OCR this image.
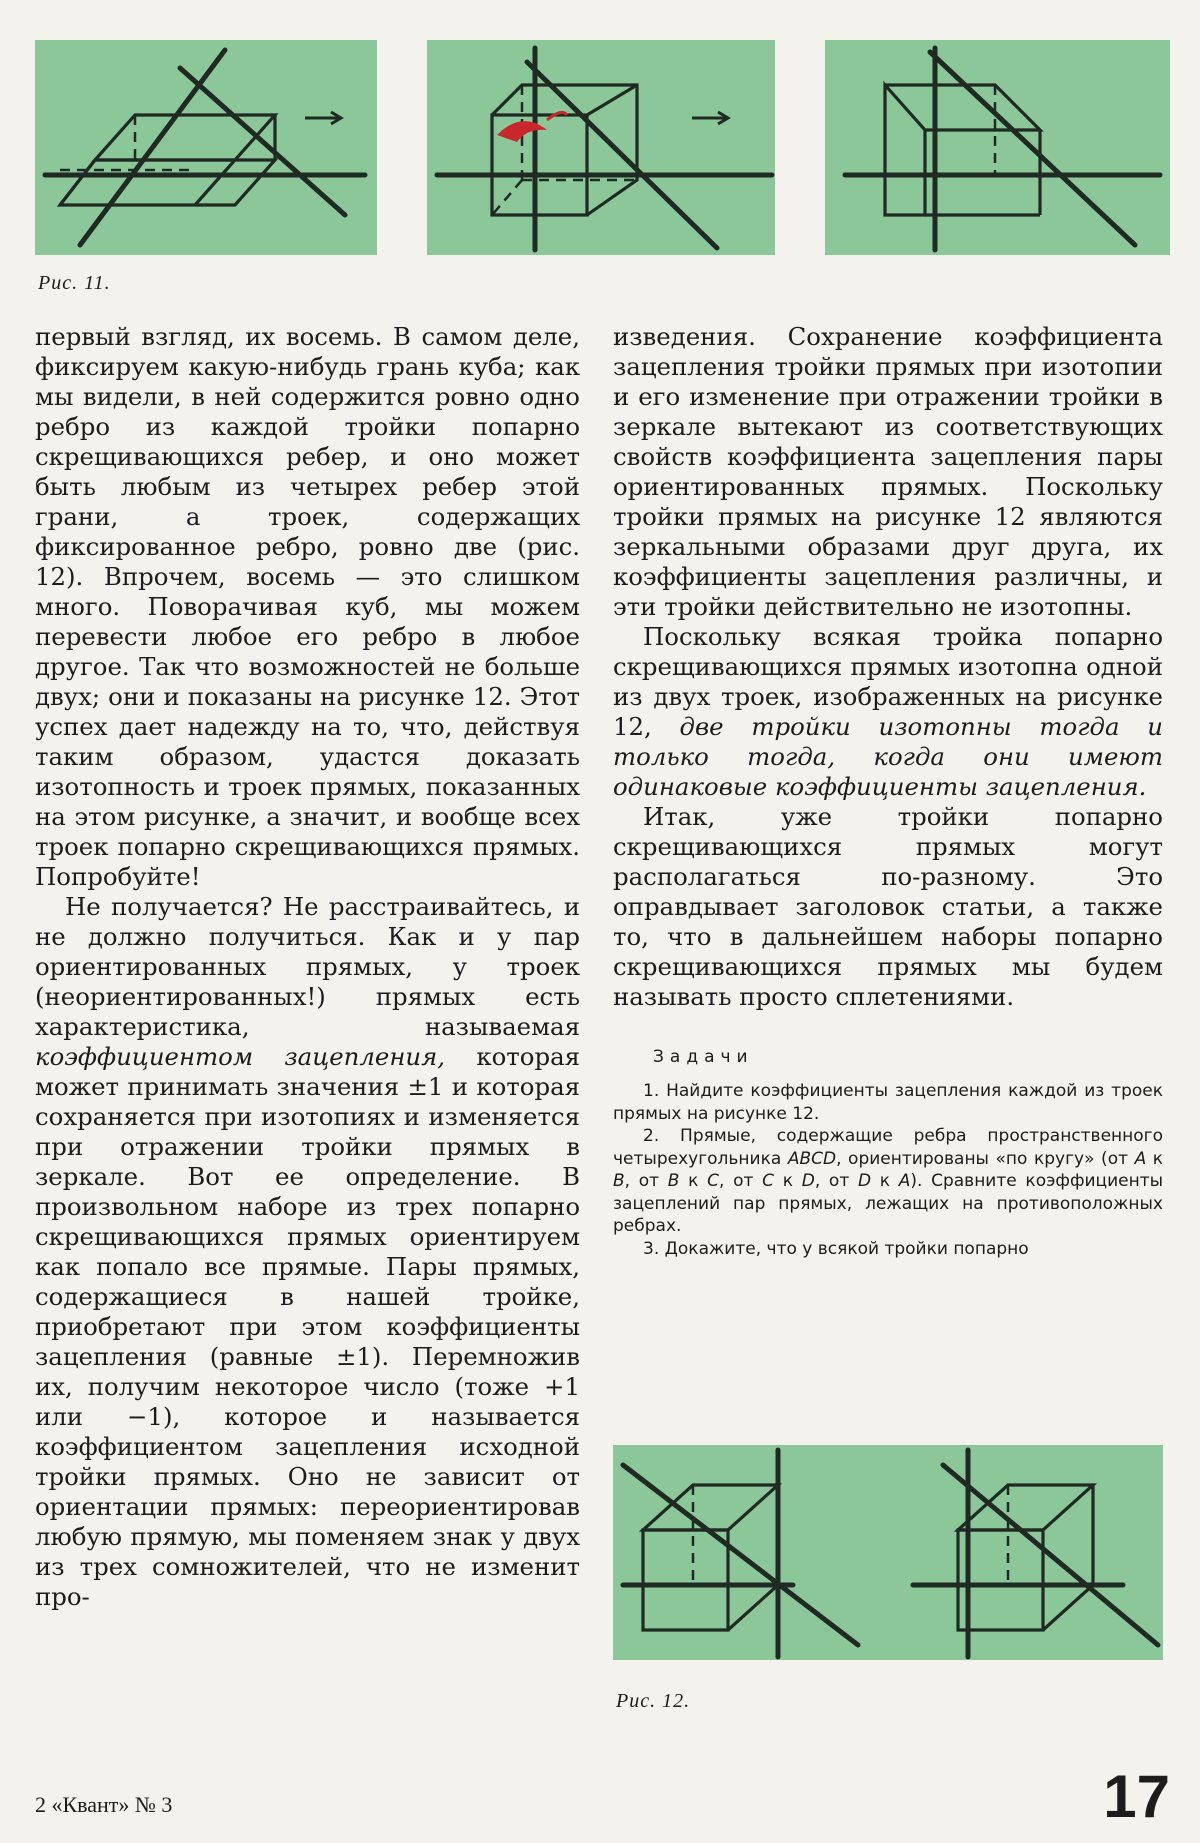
Рис. 11.

первый взгляд, их восемь. В самом деле, фиксируем какую-нибудь грань куба; как мы видели, в ней содержится ровно одно ребро из каждой тройки попарно скрещивающихся ребер, и оно может быть любым из четырех ребер этой грани, а троек, содержащих фиксированное ребро, ровно две (рис. 12). Впрочем, восемь — это слишком много. Поворачивая куб, мы можем перевести любое его ребро в любое другое. Так что возможностей не больше двух; они и показаны на рисунке 12. Этот успех дает надежду на то, что, действуя таким образом, удастся доказать изотопность и троек прямых, показанных на этом рисунке, а значит, и вообще всех троек попарно скрещивающихся прямых. Попробуйте!

Не получается? Не расстраивайтесь, и не должно получиться. Как и у пар ориентированных прямых, у троек (неориентированных!) прямых есть характеристика, называемая коэффициентом зацепления, которая может принимать значения ±1 и которая сохраняется при изотопиях и изменяется при отражении тройки прямых в зеркале. Вот ее определение. В произвольном наборе из трех попарно скрещивающихся прямых ориентируем как попало все прямые. Пары прямых, содержащиеся в нашей тройке, приобретают при этом коэффициенты зацепления (равные ±1). Перемножив их, получим некоторое число (тоже +1 или −1), которое и называется коэффициентом зацепления исходной тройки прямых. Оно не зависит от ориентации прямых: переориентировав любую прямую, мы поменяем знак у двух из трех сомножителей, что не изменит про-

изведения. Сохранение коэффициента зацепления тройки прямых при изотопии и его изменение при отражении тройки в зеркале вытекают из соответствующих свойств коэффициента зацепления пары ориентированных прямых. Поскольку тройки прямых на рисунке 12 являются зеркальными образами друг друга, их коэффициенты зацепления различны, и эти тройки действительно не изотопны.

Поскольку всякая тройка попарно скрещивающихся прямых изотопна одной из двух троек, изображенных на рисунке 12, две тройки изотопны тогда и только тогда, когда они имеют одинаковые коэффициенты зацепления.

Итак, уже тройки попарно скрещивающихся прямых могут располагаться по-разному. Это оправдывает заголовок статьи, а также то, что в дальнейшем наборы попарно скрещивающихся прямых мы будем называть просто сплетениями.

Задачи
1. Найдите коэффициенты зацепления каждой из троек прямых на рисунке 12.
2. Прямые, содержащие ребра пространственного четырехугольника ABCD, ориентированы «по кругу» (от A к B, от B к C, от C к D, от D к A). Сравните коэффициенты зацеплений пар прямых, лежащих на противоположных ребрах.
3. Докажите, что у всякой тройки попарно
Рис. 12.
2 «Квант» № 3	17
